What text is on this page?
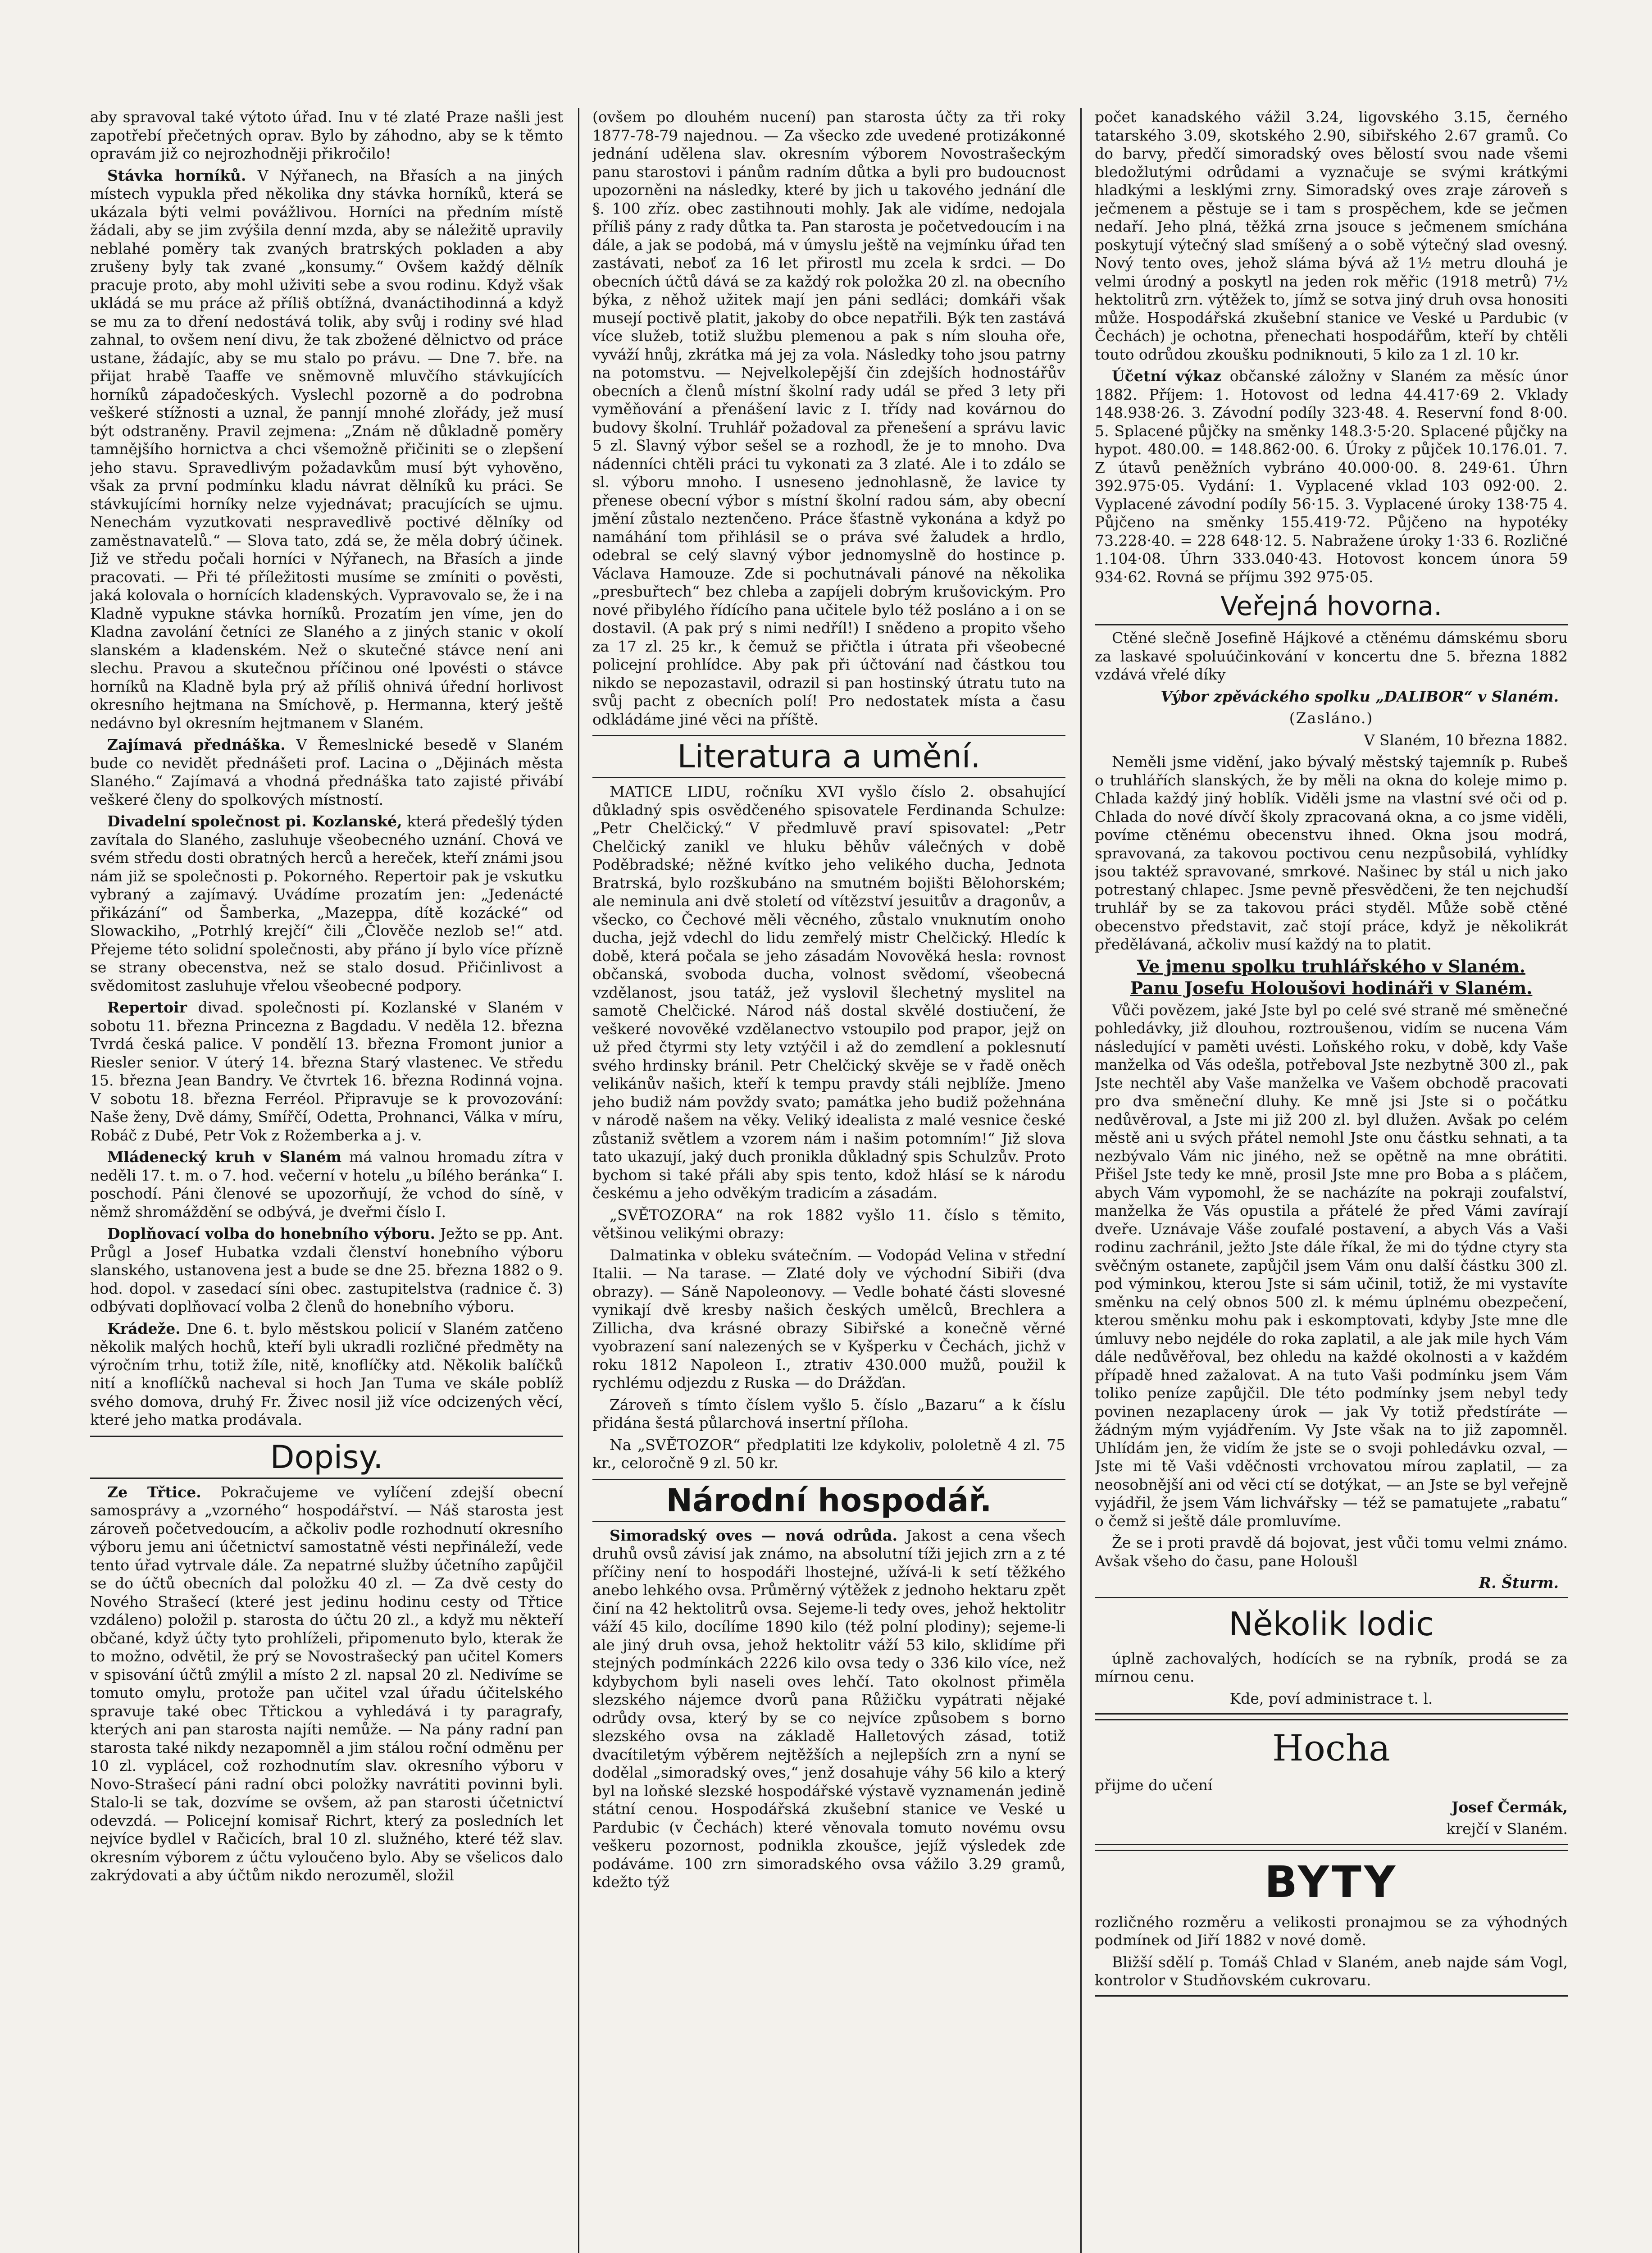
aby spravoval také výtoto úřad. Inu v té zlaté Praze našli jest zapotřebí přečetných oprav. Bylo by záhodno, aby se k těmto opravám již co nejrozhodněji přikročilo!

Stávka horníků. V Nýřanech, na Břasích a na jiných místech vypukla před několika dny stávka horníků, která se ukázala býti velmi povážlivou. Horníci na předním místě žádali, aby se jim zvýšila denní mzda, aby se náležitě upravily neblahé poměry tak zvaných bratrských pokladen a aby zrušeny byly tak zvané „konsumy.“ Ovšem každý dělník pracuje proto, aby mohl uživiti sebe a svou rodinu. Když však ukládá se mu práce až příliš obtížná, dvanáctihodinná a když se mu za to dření nedostává tolik, aby svůj i rodiny své hlad zahnal, to ovšem není divu, že tak zbožené dělnictvo od práce ustane, žádajíc, aby se mu stalo po právu. — Dne 7. bře. na přijat hrabě Taaffe ve sněmovně mluvčího stávkujících horníků západočeských. Vyslechl pozorně a do podrobna veškeré stížnosti a uznal, že pannjí mnohé zlořády, jež musí být odstraněny. Pravil zejmena: „Znám ně důkladně poměry tamnějšího hornictva a chci všemožně přičiniti se o zlepšení jeho stavu. Spravedlivým požadavkům musí být vyhověno, však za první podmínku kladu návrat dělníků ku práci. Se stávkujícími horníky nelze vyjednávat; pracujících se ujmu. Nenechám vyzutkovati nespravedlivě poctivé dělníky od zaměstnavatelů.“ — Slova tato, zdá se, že měla dobrý účinek. Již ve středu počali horníci v Nýřanech, na Břasích a jinde pracovati. — Při té příležitosti musíme se zmíniti o pověsti, jaká kolovala o hornících kladenských. Vypravovalo se, že i na Kladně vypukne stávka horníků. Prozatím jen víme, jen do Kladna zavolání četníci ze Slaného a z jiných stanic v okolí slanském a kladenském. Než o skutečné stávce není ani slechu. Pravou a skutečnou příčinou oné lpovésti o stávce horníků na Kladně byla prý až příliš ohnivá úřední horlivost okresního hejtmana na Smíchově, p. Hermanna, který ještě nedávno byl okresním hejtmanem v Slaném.

Zajímavá přednáška. V Řemeslnické besedě v Slaném bude co nevidět přednášeti prof. Lacina o „Dějinách města Slaného.“ Zajímavá a vhodná přednáška tato zajisté přivábí veškeré členy do spolkových místností.

Divadelní společnost pi. Kozlanské, která předešlý týden zavítala do Slaného, zasluhuje všeobecného uznání. Chová ve svém středu dosti obratných herců a hereček, kteří známi jsou nám již se společnosti p. Pokorného. Repertoir pak je vskutku vybraný a zajímavý. Uvádíme prozatím jen: „Jedenácté přikázání“ od Šamberka, „Mazeppa, dítě kozácké“ od Slowackiho, „Potrhlý krejčí“ čili „Člověče nezlob se!“ atd. Přejeme této solidní společnosti, aby přáno jí bylo více přízně se strany obecenstva, než se stalo dosud. Přičinlivost a svědomitost zasluhuje vřelou všeobecné podpory.

Repertoir divad. společnosti pí. Kozlanské v Slaném v sobotu 11. března Princezna z Bagdadu. V neděla 12. března Tvrdá česká palice. V pondělí 13. března Fromont junior a Riesler senior. V úterý 14. března Starý vlastenec. Ve středu 15. března Jean Bandry. Ve čtvrtek 16. března Rodinná vojna. V sobotu 18. března Ferréol. Připravuje se k provozování: Naše ženy, Dvě dámy, Smířčí, Odetta, Prohnanci, Válka v míru, Robáč z Dubé, Petr Vok z Rožemberka a j. v.

Mládenecký kruh v Slaném má valnou hromadu zítra v neděli 17. t. m. o 7. hod. večerní v hotelu „u bílého beránka“ I. poschodí. Páni členové se upozorňují, že vchod do síně, v němž shromáždění se odbývá, je dveřmi číslo I.

Doplňovací volba do honebního výboru. Ježto se pp. Ant. Průgl a Josef Hubatka vzdali členství honebního výboru slanského, ustanovena jest a bude se dne 25. března 1882 o 9. hod. dopol. v zasedací síni obec. zastupitelstva (radnice č. 3) odbývati doplňovací volba 2 členů do honebního výboru.

Krádeže. Dne 6. t. bylo městskou policií v Slaném zatčeno několik malých hochů, kteří byli ukradli rozličné předměty na výročním trhu, totiž žíle, nitě, knoflíčky atd. Několik balíčků nití a knoflíčků nacheval si hoch Jan Tuma ve skále poblíž svého domova, druhý Fr. Živec nosil již více odcizených věcí, které jeho matka prodávala.

Dopisy.

Ze Třtice. Pokračujeme ve vylíčení zdejší obecní samosprávy a „vzorného“ hospodářství. — Náš starosta jest zároveň početvedoucím, a ačkoliv podle rozhodnutí okresního výboru jemu ani účetnictví samostatně vésti nepřináleží, vede tento úřad vytrvale dále. Za nepatrné služby účetního zapůjčil se do účtů obecních dal položku 40 zl. — Za dvě cesty do Nového Strašecí (které jest jedinu hodinu cesty od Třtice vzdáleno) položil p. starosta do účtu 20 zl., a když mu někteří občané, když účty tyto prohlíželi, připomenuto bylo, kterak že to možno, odvětil, že prý se Novostrašecký pan učitel Komers v spisování účtů zmýlil a místo 2 zl. napsal 20 zl. Nedivíme se tomuto omylu, protože pan učitel vzal úřadu účitelského spravuje také obec Třtickou a vyhledává i ty paragrafy, kterých ani pan starosta najíti nemůže. — Na pány radní pan starosta také nikdy nezapomněl a jim stálou roční odměnu per 10 zl. vyplácel, což rozhodnutím slav. okresního výboru v Novo-Strašecí páni radní obci položky navrátiti povinni byli. Stalo-li se tak, dozvíme se ovšem, až pan starosti účetnictví odevzdá. — Policejní komisař Richrt, který za posledních let nejvíce bydlel v Račicích, bral 10 zl. služného, které též slav. okresním výborem z účtu vyloučeno bylo. Aby se všelicos dalo zakrýdovati a aby účtům nikdo nerozuměl, složil

(ovšem po dlouhém nucení) pan starosta účty za tři roky 1877-78-79 najednou. — Za všecko zde uvedené protizákonné jednání udělena slav. okresním výborem Novostrašeckým panu starostovi i pánům radním důtka a byli pro budoucnost upozorněni na následky, které by jich u takového jednání dle §. 100 zříz. obec zastihnouti mohly. Jak ale vidíme, nedojala příliš pány z rady důtka ta. Pan starosta je početvedoucím i na dále, a jak se podobá, má v úmyslu ještě na vejmínku úřad ten zastávati, neboť za 16 let přirostl mu zcela k srdci. — Do obecních účtů dává se za každý rok položka 20 zl. na obecního býka, z něhož užitek mají jen páni sedláci; domkáři však musejí poctivě platit, jakoby do obce nepatřili. Býk ten zastává více služeb, totiž službu plemenou a pak s ním slouha oře, vyváží hnůj, zkrátka má jej za vola. Následky toho jsou patrny na potomstvu. — Nejvelkolepější čin zdejších hodnostářův obecních a členů místní školní rady udál se před 3 lety při vyměňování a přenášení lavic z I. třídy nad kovárnou do budovy školní. Truhlář požadoval za přenešení a správu lavic 5 zl. Slavný výbor sešel se a rozhodl, že je to mnoho. Dva nádenníci chtěli práci tu vykonati za 3 zlaté. Ale i to zdálo se sl. výboru mnoho. I usneseno jednohlasně, že lavice ty přenese obecní výbor s místní školní radou sám, aby obecní jmění zůstalo neztenčeno. Práce šťastně vykonána a když po namáhání tom přihlásil se o práva své žaludek a hrdlo, odebral se celý slavný výbor jednomyslně do hostince p. Václava Hamouze. Zde si pochutnávali pánové na několika „presbuřtech“ bez chleba a zapíjeli dobrým krušovickým. Pro nové přibylého řídícího pana učitele bylo též posláno a i on se dostavil. (A pak prý s nimi nedříl!) I snědeno a propito všeho za 17 zl. 25 kr., k čemuž se přičtla i útrata při všeobecné policejní prohlídce. Aby pak při účtování nad částkou tou nikdo se nepozastavil, odrazil si pan hostinský útratu tuto na svůj pacht z obecních polí! Pro nedostatek místa a času odkládáme jiné věci na příště.

Literatura a umění.

MATICE LIDU, ročníku XVI vyšlo číslo 2. obsahující důkladný spis osvědčeného spisovatele Ferdinanda Schulze: „Petr Chelčický.“ V předmluvě praví spisovatel: „Petr Chelčický zanikl ve hluku běhův válečných v době Poděbradské; něžné kvítko jeho velikého ducha, Jednota Bratrská, bylo rozškubáno na smutném bojišti Bělohorském; ale neminula ani dvě století od vítězství jesuitův a dragonův, a všecko, co Čechové měli věcného, zůstalo vnuknutím onoho ducha, jejž vdechl do lidu zemřelý mistr Chelčický. Hledíc k době, která počala se jeho zásadám Novověká hesla: rovnost občanská, svoboda ducha, volnost svědomí, všeobecná vzdělanost, jsou tatáž, jež vyslovil šlechetný myslitel na samotě Chelčické. Národ náš dostal skvělé dostiučení, že veškeré novověké vzdělanectvo vstoupilo pod prapor, jejž on už před čtyrmi sty lety vztýčil i až do zemdlení a poklesnutí svého hrdinsky bránil. Petr Chelčický skvěje se v řadě oněch velikánův našich, kteří k tempu pravdy stáli nejblíže. Jmeno jeho budiž nám povždy svato; památka jeho budiž požehnána v národě našem na věky. Veliký idealista z malé vesnice české zůstaniž světlem a vzorem nám i našim potomním!“ Již slova tato ukazují, jaký duch pronikla důkladný spis Schulzův. Proto bychom si také přáli aby spis tento, kdož hlásí se k národu českému a jeho odvěkým tradicím a zásadám.

„SVĚTOZORA“ na rok 1882 vyšlo 11. číslo s těmito, většinou velikými obrazy:

Dalmatinka v obleku svátečním. — Vodopád Velina v střední Italii. — Na tarase. — Zlaté doly ve východní Sibiři (dva obrazy). — Sáně Napoleonovy. — Vedle bohaté části slovesné vynikají dvě kresby našich českých umělců, Brechlera a Zillicha, dva krásné obrazy Sibiřské a konečně věrné vyobrazení saní nalezených se v Kyšperku v Čechách, jichž v roku 1812 Napoleon I., ztrativ 430.000 mužů, použil k rychlému odjezdu z Ruska — do Drážďan.

Zároveň s tímto číslem vyšlo 5. číslo „Bazaru“ a k číslu přidána šestá půlarchová insertní příloha.

Na „SVĚTOZOR“ předplatiti lze kdykoliv, pololetně 4 zl. 75 kr., celoročně 9 zl. 50 kr.

Národní hospodář.

Simoradský oves — nová odrůda. Jakost a cena všech druhů ovsů závisí jak známo, na absolutní tíži jejich zrn a z té příčiny není to hospodáři lhostejné, užívá-li k setí těžkého anebo lehkého ovsa. Průměrný výtěžek z jednoho hektaru zpět činí na 42 hektolitrů ovsa. Sejeme-li tedy oves, jehož hektolitr váží 45 kilo, docílíme 1890 kilo (též polní plodiny); sejeme-li ale jiný druh ovsa, jehož hektolitr váží 53 kilo, sklidíme při stejných podmínkách 2226 kilo ovsa tedy o 336 kilo více, než kdybychom byli naseli oves lehčí. Tato okolnost přiměla slezského nájemce dvorů pana Růžičku vypátrati nějaké odrůdy ovsa, který by se co nejvíce způsobem s borno slezského ovsa na základě Halletových zásad, totiž dvacítiletým výběrem nejtěžších a nejlepších zrn a nyní se dodělal „simoradský oves,“ jenž dosahuje váhy 56 kilo a který byl na loňské slezské hospodářské výstavě vyznamenán jedině státní cenou. Hospodářská zkušební stanice ve Veské u Pardubic (v Čechách) které věnovala tomuto novému ovsu veškeru pozornost, podnikla zkoušce, jejíž výsledek zde podáváme. 100 zrn simoradského ovsa vážilo 3.29 gramů, kdežto týž

počet kanadského vážil 3.24, ligovského 3.15, černého tatarského 3.09, skotského 2.90, sibiřského 2.67 gramů. Co do barvy, předčí simoradský oves bělostí svou nade všemi bledožlutými odrůdami a vyznačuje se svými krátkými hladkými a lesklými zrny. Simoradský oves zraje zároveň s ječmenem a pěstuje se i tam s prospěchem, kde se ječmen nedaří. Jeho plná, těžká zrna jsouce s ječmenem smíchána poskytují výtečný slad smíšený a o sobě výtečný slad ovesný. Nový tento oves, jehož sláma bývá až 1½ metru dlouhá je velmi úrodný a poskytl na jeden rok měřic (1918 metrů) 7½ hektolitrů zrn. výtěžek to, jímž se sotva jiný druh ovsa honositi může. Hospodářská zkušební stanice ve Veské u Pardubic (v Čechách) je ochotna, přenechati hospodářům, kteří by chtěli touto odrůdou zkoušku podniknouti, 5 kilo za 1 zl. 10 kr.

Účetní výkaz občanské záložny v Slaném za měsíc únor 1882. Příjem: 1. Hotovost od ledna 44.417·69 2. Vklady 148.938·26. 3. Závodní podíly 323·48. 4. Reservní fond 8·00. 5. Splacené půjčky na směnky 148.3·5·20. Splacené půjčky na hypot. 480.00. = 148.862·00. 6. Úroky z půjček 10.176.01. 7. Z útavů peněžních vybráno 40.000·00. 8. 249·61. Úhrn 392.975·05. Vydání: 1. Vyplacené vklad 103 092·00. 2. Vyplacené závodní podíly 56·15. 3. Vyplacené úroky 138·75 4. Půjčeno na směnky 155.419·72. Půjčeno na hypotéky 73.228·40. = 228 648·12. 5. Nabražene úroky 1·33 6. Rozličné 1.104·08. Úhrn 333.040·43. Hotovost koncem února 59 934·62. Rovná se příjmu 392 975·05.

Veřejná hovorna.

Ctěné slečně Josefině Hájkové a ctěnému dámskému sboru za laskavé spoluúčinkování v koncertu dne 5. března 1882 vzdává vřelé díky

Výbor zpěváckého spolku „DALIBOR“ v Slaném.

(Zasláno.)

V Slaném, 10 března 1882.

Neměli jsme vidění, jako bývalý městský tajemník p. Rubeš o truhlářích slanských, že by měli na okna do koleje mimo p. Chlada každý jiný hoblík. Viděli jsme na vlastní své oči od p. Chlada do nové dívčí školy zpracovaná okna, a co jsme viděli, povíme ctěnému obecenstvu ihned. Okna jsou modrá, spravovaná, za takovou poctivou cenu nezpůsobilá, vyhlídky jsou taktéž spravované, smrkové. Našinec by stál u nich jako potrestaný chlapec. Jsme pevně přesvědčeni, že ten nejchudší truhlář by se za takovou práci styděl. Může sobě ctěné obecenstvo představit, zač stojí práce, když je několikrát předělávaná, ačkoliv musí každý na to platit.

Ve jmenu spolku truhlářského v Slaném.
Panu Josefu Holoušovi hodináři v Slaném.

Vůči povězem, jaké Jste byl po celé své straně mé směnečné pohledávky, již dlouhou, roztroušenou, vidím se nucena Vám následující v paměti uvésti. Loňského roku, v době, kdy Vaše manželka od Vás odešla, potřeboval Jste nezbytně 300 zl., pak Jste nechtěl aby Vaše manželka ve Vašem obchodě pracovati pro dva směneční dluhy. Ke mně jsi Jste si o počátku nedůvěroval, a Jste mi již 200 zl. byl dlužen. Avšak po celém městě ani u svých přátel nemohl Jste onu částku sehnati, a ta nezbývalo Vám nic jiného, než se opětně na mne obrátiti. Přišel Jste tedy ke mně, prosil Jste mne pro Boba a s pláčem, abych Vám vypomohl, že se nacházíte na pokraji zoufalství, manželka že Vás opustila a přátelé že před Vámi zavírají dveře. Uznávaje Váše zoufalé postavení, a abych Vás a Vaši rodinu zachránil, ježto Jste dále říkal, že mi do týdne ctyry sta svěčným ostanete, zapůjčil jsem Vám onu další částku 300 zl. pod výminkou, kterou Jste si sám učinil, totiž, že mi vystavíte směnku na celý obnos 500 zl. k mému úplnému obezpečení, kterou směnku mohu pak i eskomptovati, kdyby Jste mne dle úmluvy nebo nejdéle do roka zaplatil, a ale jak mile hych Vám dále nedůvěřoval, bez ohledu na každé okolnosti a v každém případě hned zažalovat. A na tuto Vaši podmínku jsem Vám toliko peníze zapůjčil. Dle této podmínky jsem nebyl tedy povinen nezaplaceny úrok — jak Vy totiž předstíráte — žádným mým vyjádřením. Vy Jste však na to již zapomněl. Uhlídám jen, že vidím že jste se o svoji pohledávku ozval, — Jste mi tě Vaši vděčnosti vrchovatou mírou zaplatil, — za neosobnější ani od věci ctí se dotýkat, — an Jste se byl veřejně vyjádřil, že jsem Vám lichvářsky — též se pamatujete „rabatu“ o čemž si ještě dále promluvíme.

Že se i proti pravdě dá bojovat, jest vůči tomu velmi známo. Avšak všeho do času, pane Holoušl

R. Šturm.

Několik lodic

úplně zachovalých, hodících se na rybník, prodá se za mírnou cenu.

Kde, poví administrace t. l.

Hocha

přijme do učení

Josef Čermák,

krejčí v Slaném.

BYTY

rozličného rozměru a velikosti pronajmou se za výhodných podmínek od Jiří 1882 v nové domě.

Bližší sdělí p. Tomáš Chlad v Slaném, aneb najde sám Vogl, kontrolor v Studňovském cukrovaru.
